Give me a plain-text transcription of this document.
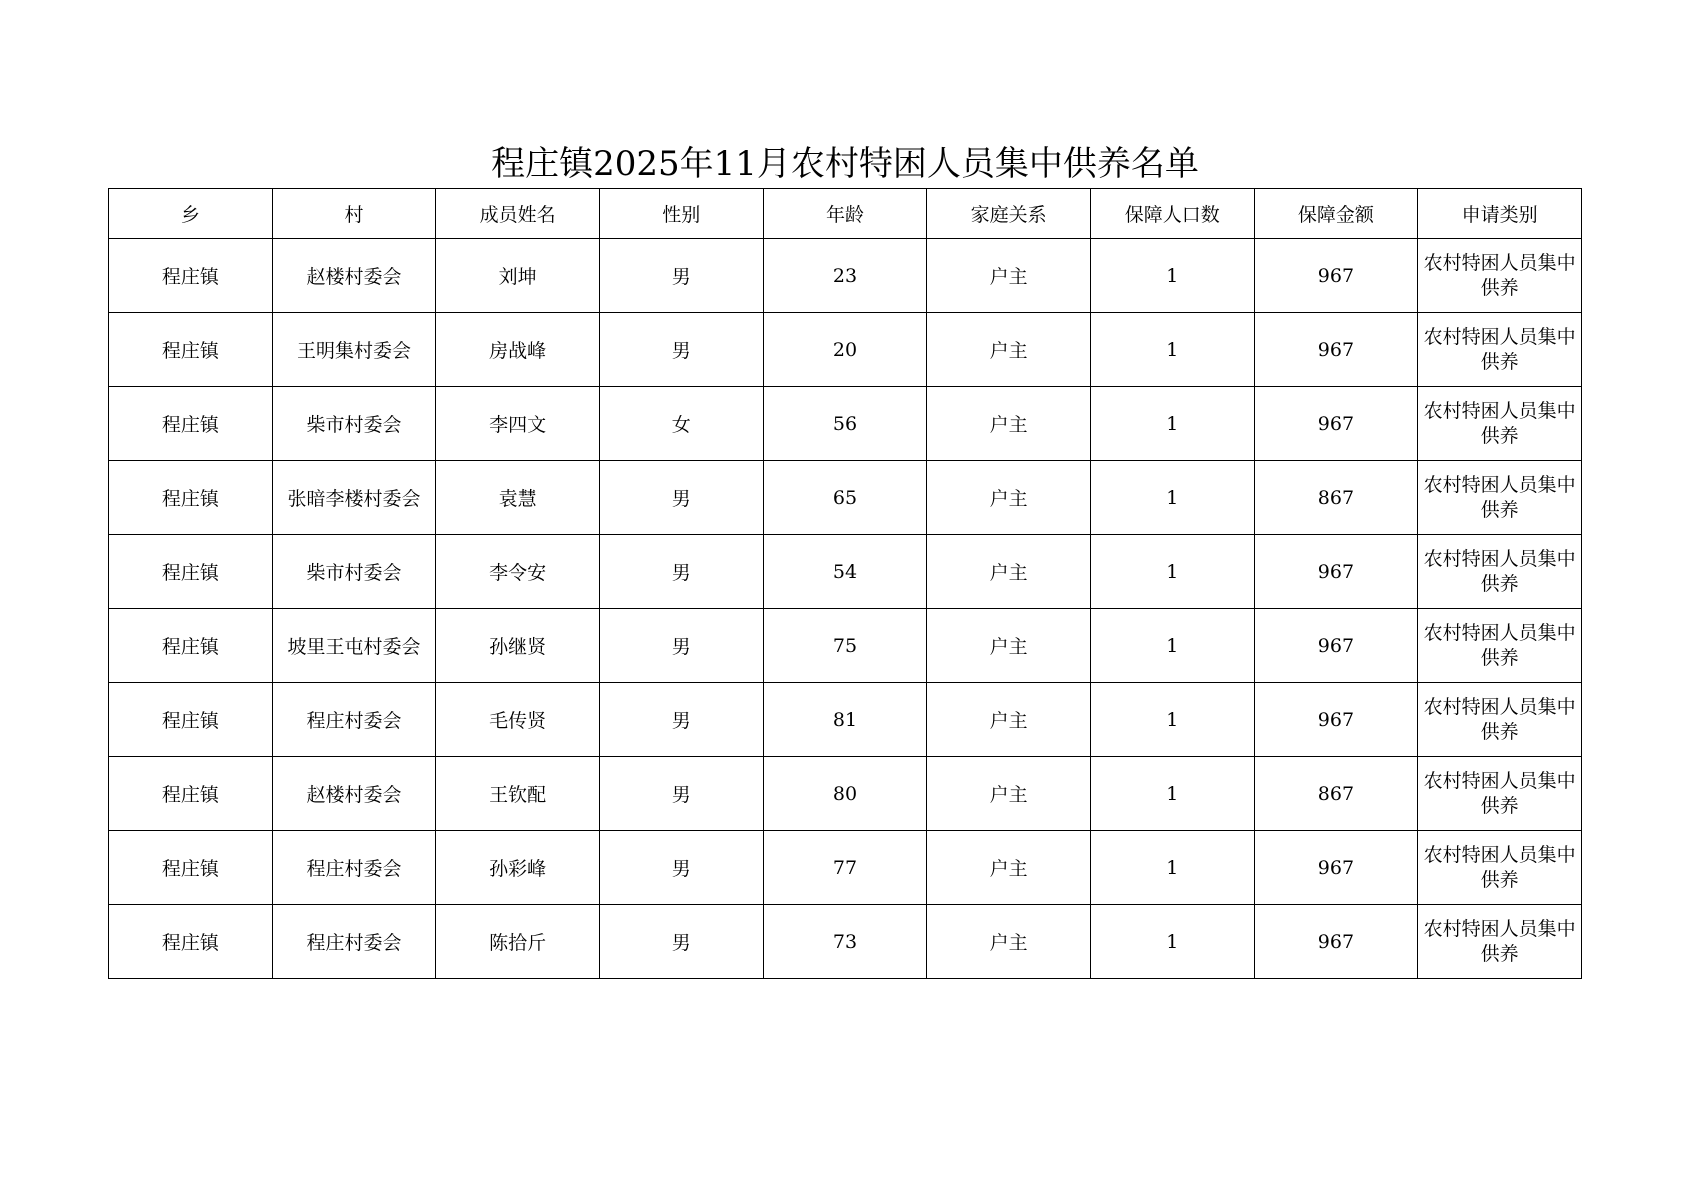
程庄镇2025年11月农村特困人员集中供养名单
乡	村	成员姓名	性别	年龄	家庭关系	保障人口数	保障金额	申请类别
程庄镇	赵楼村委会	刘坤	男	23	户主	1	967	农村特困人员集中供养
程庄镇	王明集村委会	房战峰	男	20	户主	1	967	农村特困人员集中供养
程庄镇	柴市村委会	李四文	女	56	户主	1	967	农村特困人员集中供养
程庄镇	张暗李楼村委会	袁慧	男	65	户主	1	867	农村特困人员集中供养
程庄镇	柴市村委会	李令安	男	54	户主	1	967	农村特困人员集中供养
程庄镇	坡里王屯村委会	孙继贤	男	75	户主	1	967	农村特困人员集中供养
程庄镇	程庄村委会	毛传贤	男	81	户主	1	967	农村特困人员集中供养
程庄镇	赵楼村委会	王钦配	男	80	户主	1	867	农村特困人员集中供养
程庄镇	程庄村委会	孙彩峰	男	77	户主	1	967	农村特困人员集中供养
程庄镇	程庄村委会	陈拾斤	男	73	户主	1	967	农村特困人员集中供养
